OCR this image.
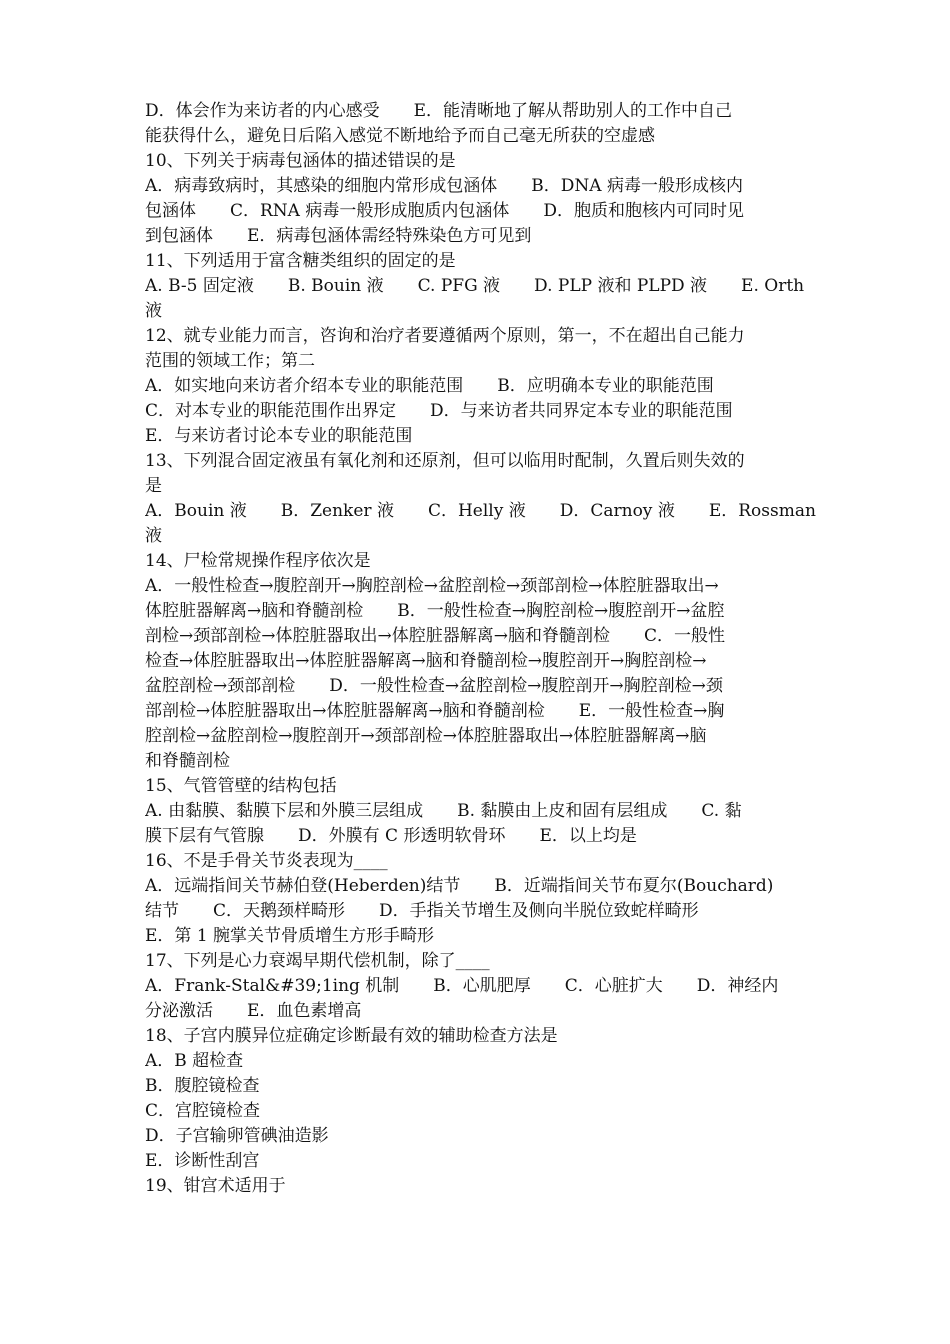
D．体会作为来访者的内心感受　　E．能清晰地了解从帮助别人的工作中自己
能获得什么，避免日后陷入感觉不断地给予而自己毫无所获的空虚感
10、下列关于病毒包涵体的描述错误的是
A．病毒致病时，其感染的细胞内常形成包涵体　　B．DNA 病毒一般形成核内
包涵体　　C．RNA 病毒一般形成胞质内包涵体　　D．胞质和胞核内可同时见
到包涵体　　E．病毒包涵体需经特殊染色方可见到
11、下列适用于富含糖类组织的固定的是
A. B-5 固定液　　B. Bouin 液　　C. PFG 液　　D. PLP 液和 PLPD 液　　E. Orth
液
12、就专业能力而言，咨询和治疗者要遵循两个原则，第一，不在超出自己能力
范围的领域工作；第二
A．如实地向来访者介绍本专业的职能范围　　B．应明确本专业的职能范围
C．对本专业的职能范围作出界定　　D．与来访者共同界定本专业的职能范围
E．与来访者讨论本专业的职能范围
13、下列混合固定液虽有氧化剂和还原剂，但可以临用时配制，久置后则失效的
是
A．Bouin 液　　B．Zenker 液　　C．Helly 液　　D．Carnoy 液　　E．Rossman
液
14、尸检常规操作程序依次是
A．一般性检查→腹腔剖开→胸腔剖检→盆腔剖检→颈部剖检→体腔脏器取出→
体腔脏器解离→脑和脊髓剖检　　B．一般性检查→胸腔剖检→腹腔剖开→盆腔
剖检→颈部剖检→体腔脏器取出→体腔脏器解离→脑和脊髓剖检　　C．一般性
检查→体腔脏器取出→体腔脏器解离→脑和脊髓剖检→腹腔剖开→胸腔剖检→
盆腔剖检→颈部剖检　　D．一般性检查→盆腔剖检→腹腔剖开→胸腔剖检→颈
部剖检→体腔脏器取出→体腔脏器解离→脑和脊髓剖检　　E．一般性检查→胸
腔剖检→盆腔剖检→腹腔剖开→颈部剖检→体腔脏器取出→体腔脏器解离→脑
和脊髓剖检
15、气管管壁的结构包括
A. 由黏膜、黏膜下层和外膜三层组成　　B. 黏膜由上皮和固有层组成　　C. 黏
膜下层有气管腺　　D．外膜有 C 形透明软骨环　　E．以上均是
16、不是手骨关节炎表现为____
A．远端指间关节赫伯登(Heberden)结节　　B．近端指间关节布夏尔(Bouchard)
结节　　C．天鹅颈样畸形　　D．手指关节增生及侧向半脱位致蛇样畸形
E．第 1 腕掌关节骨质增生方形手畸形
17、下列是心力衰竭早期代偿机制，除了____
A．Frank-Stal&#39;1ing 机制　　B．心肌肥厚　　C．心脏扩大　　D．神经内
分泌激活　　E．血色素增高
18、子宫内膜异位症确定诊断最有效的辅助检查方法是
A．B 超检查
B．腹腔镜检查
C．宫腔镜检查
D．子宫输卵管碘油造影
E．诊断性刮宫
19、钳宫术适用于
